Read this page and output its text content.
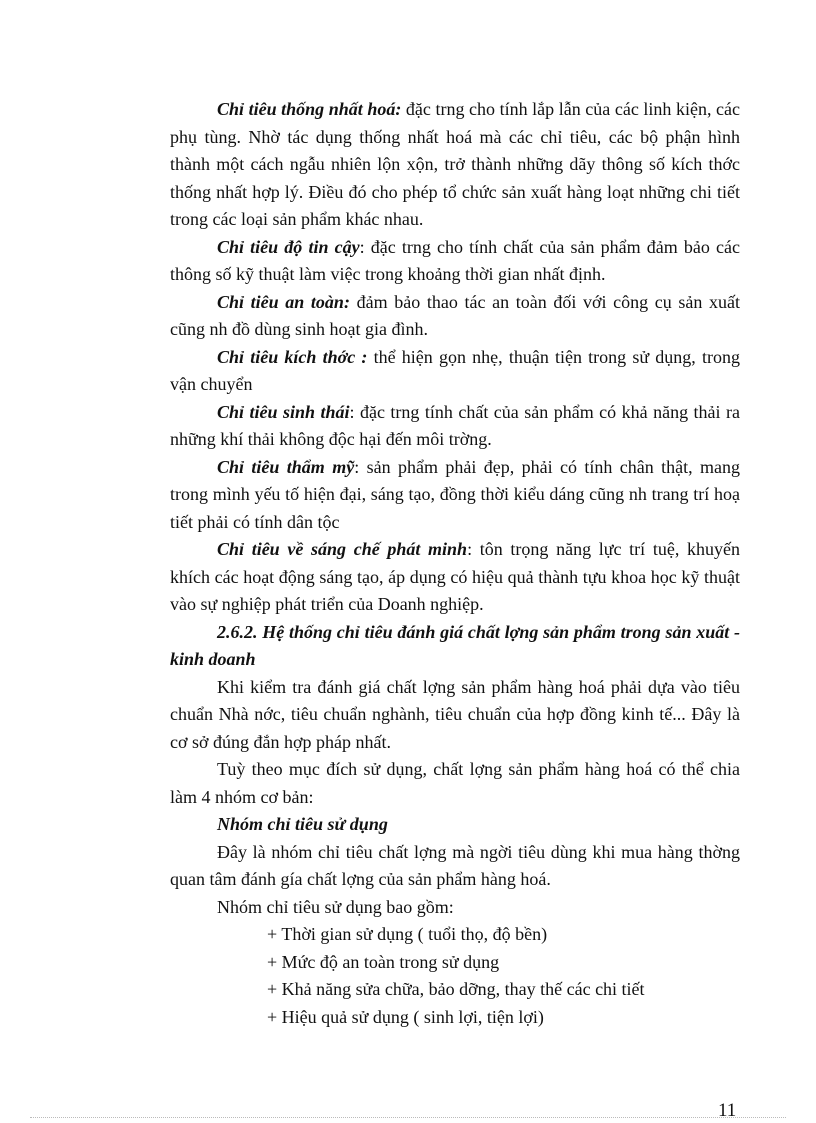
Chỉ tiêu thống nhất hoá: đặc trng cho tính lắp lẫn của các linh kiện, các phụ tùng. Nhờ tác dụng thống nhất hoá mà các chỉ tiêu, các bộ phận hình thành một cách ngẫu nhiên lộn xộn, trở thành những dãy thông số kích thớc thống nhất hợp lý. Điều đó cho phép tổ chức sản xuất hàng loạt những chi tiết trong các loại sản phẩm khác nhau.

Chỉ tiêu độ tin cậy: đặc trng cho tính chất của sản phẩm đảm bảo các thông số kỹ thuật làm việc trong khoảng thời gian nhất định.

Chỉ tiêu an toàn: đảm bảo thao tác an toàn đối với công cụ sản xuất cũng nh đồ dùng sinh hoạt gia đình.

Chỉ tiêu kích thớc : thể hiện gọn nhẹ, thuận tiện trong sử dụng, trong vận chuyển

Chỉ tiêu sinh thái: đặc trng tính chất của sản phẩm có khả năng thải ra những khí thải không độc hại đến môi trờng.

Chỉ tiêu thẩm mỹ: sản phẩm phải đẹp, phải có tính chân thật, mang trong mình yếu tố hiện đại, sáng tạo, đồng thời kiểu dáng cũng nh trang trí hoạ tiết phải có tính dân tộc

Chỉ tiêu về sáng chế phát minh: tôn trọng năng lực trí tuệ, khuyến khích các hoạt động sáng tạo, áp dụng có hiệu quả thành tựu khoa học kỹ thuật vào sự nghiệp phát triển của Doanh nghiệp.

2.6.2. Hệ thống chỉ tiêu đánh giá chất lợng sản phẩm trong sản xuất - kinh doanh

Khi kiểm tra đánh giá chất lợng sản phẩm hàng hoá phải dựa vào tiêu chuẩn Nhà nớc, tiêu chuẩn nghành, tiêu chuẩn của hợp đồng kinh tế... Đây là cơ sở đúng đắn hợp pháp nhất.

Tuỳ theo mục đích sử dụng, chất lợng sản phẩm hàng hoá có thể chia làm 4 nhóm cơ bản:

Nhóm chỉ tiêu sử dụng

Đây là nhóm chỉ tiêu chất lợng mà ngời tiêu dùng khi mua hàng thờng quan tâm đánh gía chất lợng của sản phẩm hàng hoá.

Nhóm chỉ tiêu sử dụng bao gồm:

+ Thời gian sử dụng ( tuổi thọ, độ bền)

+ Mức độ an toàn trong sử dụng

+ Khả năng sửa chữa, bảo dỡng, thay thế các chi tiết

+ Hiệu quả sử dụng ( sinh lợi, tiện lợi)

11
